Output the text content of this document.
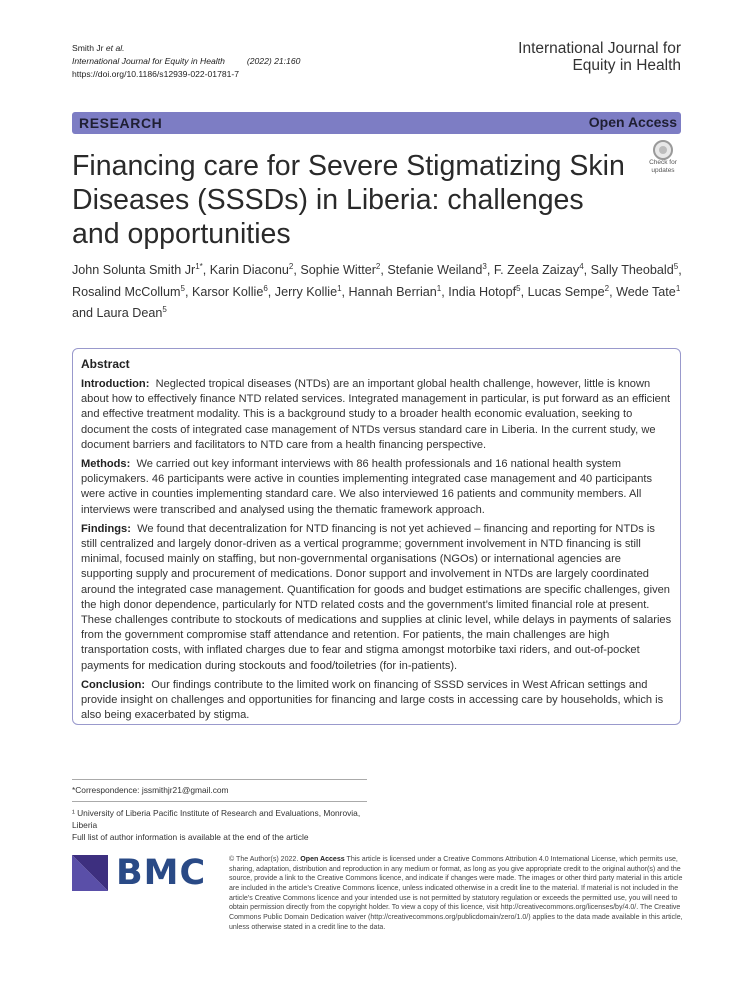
Smith Jr et al.
International Journal for Equity in Health	(2022) 21:160
https://doi.org/10.1186/s12939-022-01781-7
International Journal for
Equity in Health
RESEARCH	Open Access
Financing care for Severe Stigmatizing Skin Diseases (SSSDs) in Liberia: challenges and opportunities
Check for
updates
John Solunta Smith $Jr^{1*}$, Karin Diaconu$^2$, Sophie Witter$^2$, Stefanie Weiland$^3$, F. Zeela Zaizay$^4$, Sally Theobald$^5$, Rosalind McCollum$^5$, Karsor Kollie$^6$, Jerry Kollie$^1$, Hannah Berrian$^1$, India Hotopf$^5$, Lucas Sempe$^2$, Wede Tate$^1$ and Laura Dean$^5$
Abstract

Introduction: Neglected tropical diseases (NTDs) are an important global health challenge, however, little is known about how to effectively finance NTD related services. Integrated management in particular, is put forward as an efficient and effective treatment modality. This is a background study to a broader health economic evaluation, seeking to document the costs of integrated case management of NTDs versus standard care in Liberia. In the current study, we document barriers and facilitators to NTD care from a health financing perspective.

Methods: We carried out key informant interviews with 86 health professionals and 16 national health system policymakers. 46 participants were active in counties implementing integrated case management and 40 participants were active in counties implementing standard care. We also interviewed 16 patients and community members. All interviews were transcribed and analysed using the thematic framework approach.

Findings: We found that decentralization for NTD financing is not yet achieved – financing and reporting for NTDs is still centralized and largely donor-driven as a vertical programme; government involvement in NTD financing is still minimal, focused mainly on staffing, but non-governmental organisations (NGOs) or international agencies are supporting supply and procurement of medications. Donor support and involvement in NTDs are largely coordinated around the integrated case management. Quantification for goods and budget estimations are specific challenges, given the high donor dependence, particularly for NTD related costs and the government’s limited financial role at present. These challenges contribute to stockouts of medications and supplies at clinic level, while delays in payments of salaries from the government compromise staff attendance and retention. For patients, the main challenges are high transportation costs, with inflated charges due to fear and stigma amongst motorbike taxi riders, and out-of-pocket payments for medication during stockouts and food/toiletries (for in-patients).

Conclusion: Our findings contribute to the limited work on financing of SSSD services in West African settings and provide insight on challenges and opportunities for financing and large costs in accessing care by households, which is also being exacerbated by stigma.

*Correspondence: jssmithjr21@gmail.com
¹ University of Liberia Pacific Institute of Research and Evaluations, Monrovia, Liberia
Full list of author information is available at the end of the article
BMC	© The Author(s) 2022. Open Access This article is licensed under a Creative Commons Attribution 4.0 International License, which permits use, sharing, adaptation, distribution and reproduction in any medium or format, as long as you give appropriate credit to the original author(s) and the source, provide a link to the Creative Commons licence, and indicate if changes were made. The images or other third party material in this article are included in the article’s Creative Commons licence, unless indicated otherwise in a credit line to the material. If material is not included in the article’s Creative Commons licence and your intended use is not permitted by statutory regulation or exceeds the permitted use, you will need to obtain permission directly from the copyright holder. To view a copy of this licence, visit http://creativecommons.org/licenses/by/4.0/. The Creative Commons Public Domain Dedication waiver (http://creativecommons.org/publicdomain/zero/1.0/) applies to the data made available in this article, unless otherwise stated in a credit line to the data.
